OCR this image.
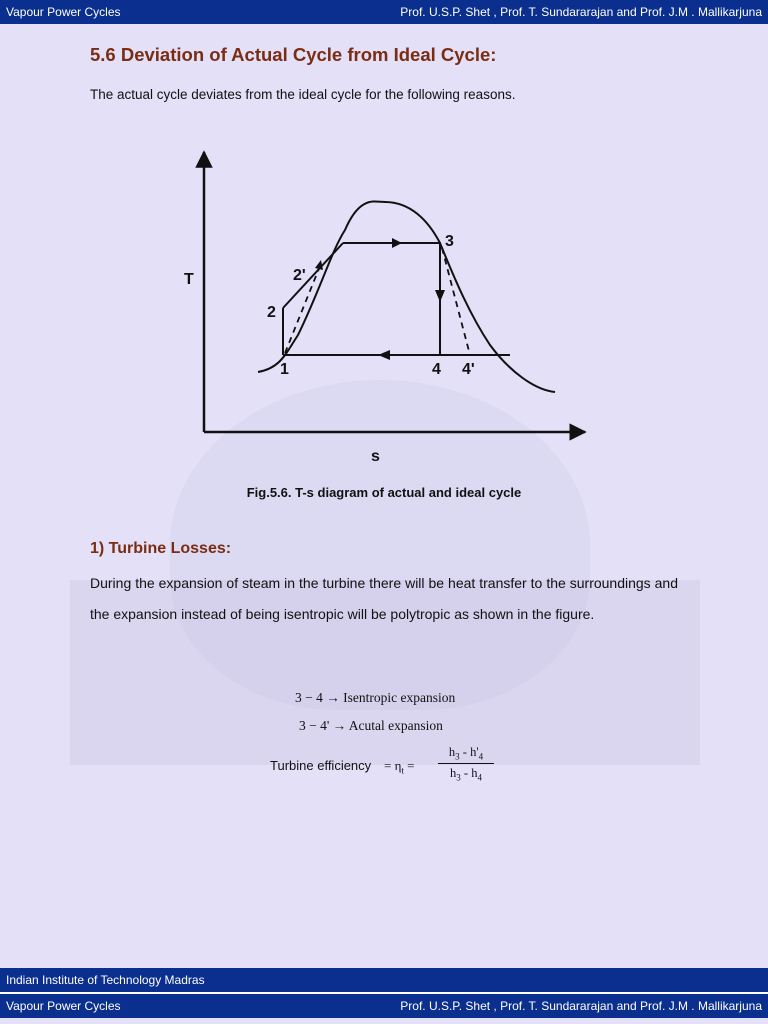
Vapour Power Cycles	Prof. U.S.P. Shet , Prof. T. Sundararajan and Prof. J.M . Mallikarjuna
5.6 Deviation of Actual Cycle from Ideal Cycle:

The actual cycle deviates from the ideal cycle for the following reasons.

T
s
1
2
2'
3
4 4'

Fig.5.6. T-s diagram of actual and ideal cycle

1) Turbine Losses:

During the expansion of steam in the turbine there will be heat transfer to the surroundings and the expansion instead of being isentropic will be polytropic as shown in the figure.

3 − 4 → Isentropic expansion
3 − 4' → Acutal expansion
Turbine efficiency = $\eta_t$ =
$h_3 - h'_4$
$h_3 - h_4$
Indian Institute of Technology Madras
Vapour Power Cycles	Prof. U.S.P. Shet , Prof. T. Sundararajan and Prof. J.M . Mallikarjuna
